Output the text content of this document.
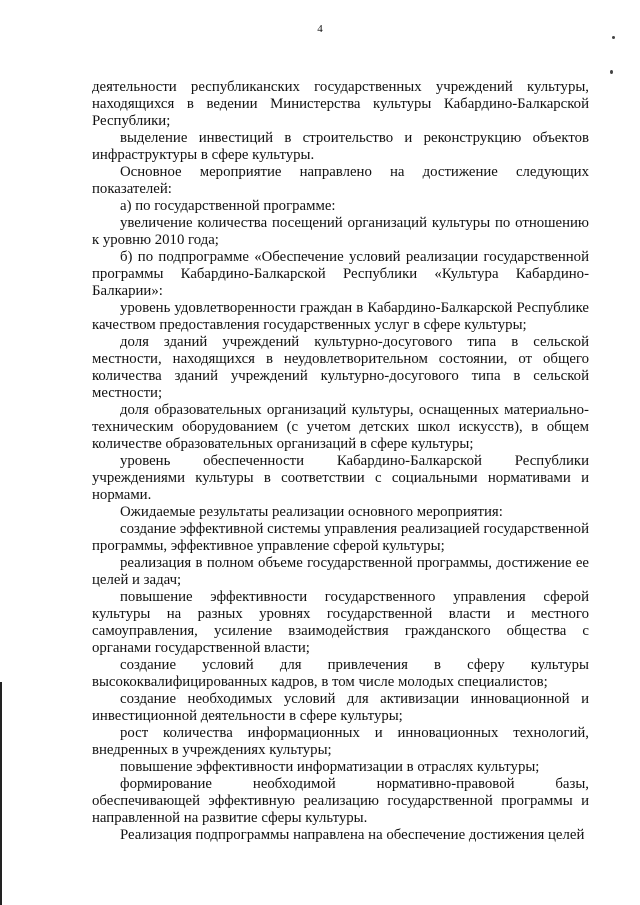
4

деятельности республиканских государственных учреждений культуры, находящихся в ведении Министерства культуры Кабардино-Балкарской Республики;

выделение инвестиций в строительство и реконструкцию объектов инфраструктуры в сфере культуры.

Основное мероприятие направлено на достижение следующих показателей:

а) по государственной программе:

увеличение количества посещений организаций культуры по отношению к уровню 2010 года;

б) по подпрограмме «Обеспечение условий реализации государственной программы Кабардино-Балкарской Республики «Культура Кабардино-Балкарии»:

уровень удовлетворенности граждан в Кабардино-Балкарской Республике качеством предоставления государственных услуг в сфере культуры;

доля зданий учреждений культурно-досугового типа в сельской местности, находящихся в неудовлетворительном состоянии, от общего количества зданий учреждений культурно-досугового типа в сельской местности;

доля образовательных организаций культуры, оснащенных материально-техническим оборудованием (с учетом детских школ искусств), в общем количестве образовательных организаций в сфере культуры;

уровень обеспеченности Кабардино-Балкарской Республики учреждениями культуры в соответствии с социальными нормативами и нормами.

Ожидаемые результаты реализации основного мероприятия:

создание эффективной системы управления реализацией государственной программы, эффективное управление сферой культуры;

реализация в полном объеме государственной программы, достижение ее целей и задач;

повышение эффективности государственного управления сферой культуры на разных уровнях государственной власти и местного самоуправления, усиление взаимодействия гражданского общества с органами государственной власти;

создание условий для привлечения в сферу культуры высококвалифицированных кадров, в том числе молодых специалистов;

создание необходимых условий для активизации инновационной и инвестиционной деятельности в сфере культуры;

рост количества информационных и инновационных технологий, внедренных в учреждениях культуры;

повышение эффективности информатизации в отраслях культуры;

формирование необходимой нормативно-правовой базы, обеспечивающей эффективную реализацию государственной программы и направленной на развитие сферы культуры.

Реализация подпрограммы направлена на обеспечение достижения целей
